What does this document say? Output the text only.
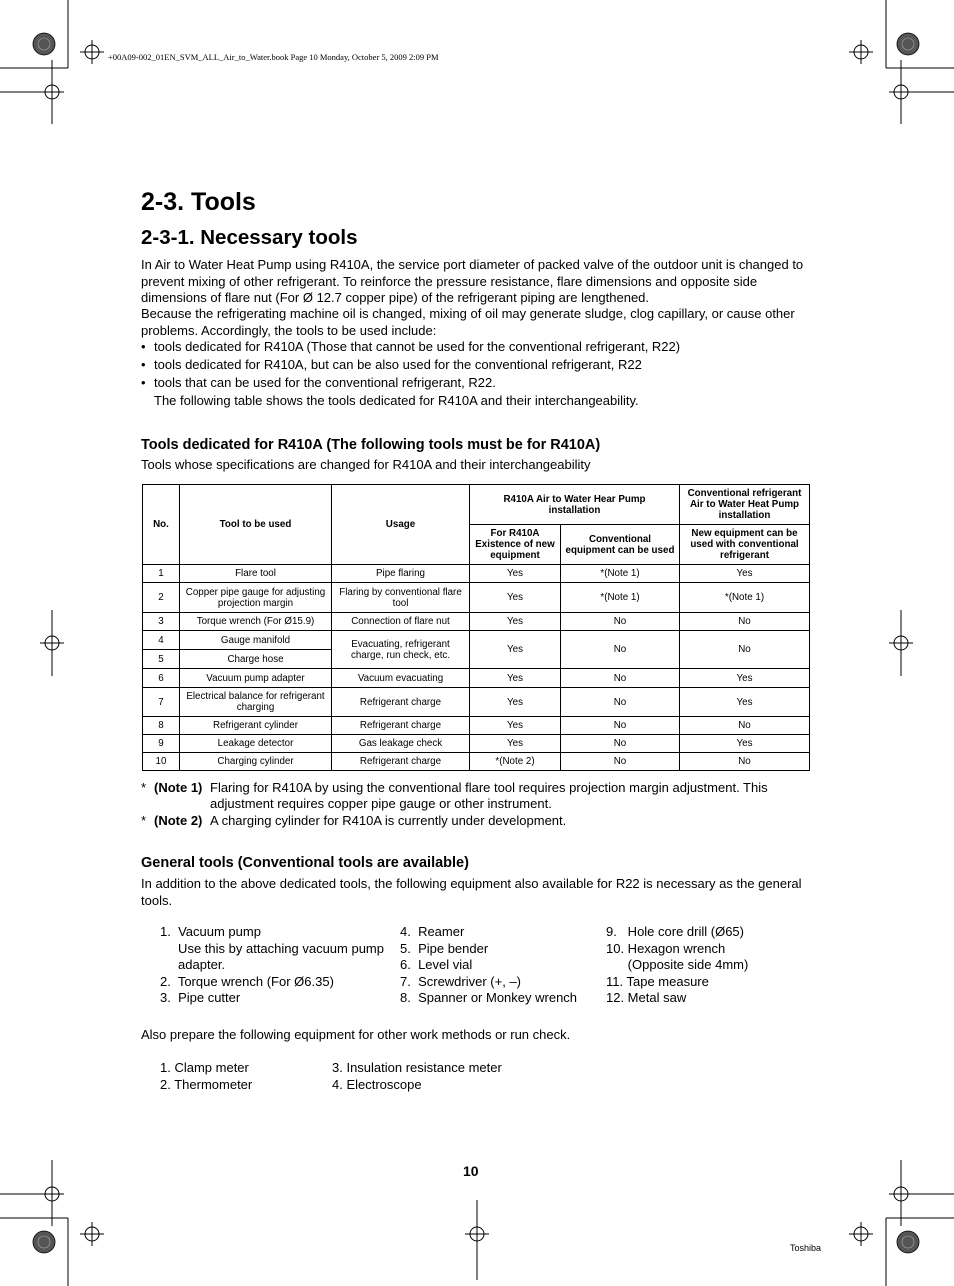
+00A09-002_01EN_SVM_ALL_Air_to_Water.book Page 10 Monday, October 5, 2009 2:09 PM
2-3. Tools
2-3-1. Necessary tools
In Air to Water Heat Pump using R410A, the service port diameter of packed valve of the outdoor unit is changed to prevent mixing of other refrigerant. To reinforce the pressure resistance, flare dimensions and opposite side dimensions of flare nut (For Ø 12.7 copper pipe) of the refrigerant piping are lengthened.
Because the refrigerating machine oil is changed, mixing of oil may generate sludge, clog capillary, or cause other problems. Accordingly, the tools to be used include:
• tools dedicated for R410A (Those that cannot be used for the conventional refrigerant, R22)
• tools dedicated for R410A, but can be also used for the conventional refrigerant, R22
• tools that can be used for the conventional refrigerant, R22.
The following table shows the tools dedicated for R410A and their interchangeability.
Tools dedicated for R410A (The following tools must be for R410A)
Tools whose specifications are changed for R410A and their interchangeability
No.	Tool to be used	Usage	R410A Air to Water Hear Pump installation		Conventional refrigerant Air to Water Heat Pump installation
			For R410A Existence of new equipment	Conventional equipment can be used	New equipment can be used with conventional refrigerant
1	Flare tool	Pipe flaring	Yes	*(Note 1)	Yes
2	Copper pipe gauge for adjusting projection margin	Flaring by conventional flare tool	Yes	*(Note 1)	*(Note 1)
3	Torque wrench (For Ø15.9)	Connection of flare nut	Yes	No	No
4	Gauge manifold	Evacuating, refrigerant charge, run check, etc.	Yes	No	No
5	Charge hose				
6	Vacuum pump adapter	Vacuum evacuating	Yes	No	Yes
7	Electrical balance for refrigerant charging	Refrigerant charge	Yes	No	Yes
8	Refrigerant cylinder	Refrigerant charge	Yes	No	No
9	Leakage detector	Gas leakage check	Yes	No	Yes
10	Charging cylinder	Refrigerant charge	*(Note 2)	No	No
* (Note 1) Flaring for R410A by using the conventional flare tool requires projection margin adjustment. This adjustment requires copper pipe gauge or other instrument.
* (Note 2) A charging cylinder for R410A is currently under development.
General tools (Conventional tools are available)
In addition to the above dedicated tools, the following equipment also available for R22 is necessary as the general tools.
1.  Vacuum pump
Use this by attaching vacuum pump
adapter.
2.  Torque wrench (For Ø6.35)
3.  Pipe cutter
4.  Reamer
5.  Pipe bender
6.  Level vial
7.  Screwdriver (+, –)
8.  Spanner or Monkey wrench
9.   Hole core drill (Ø65)
10. Hexagon wrench
(Opposite side 4mm)
11. Tape measure
12. Metal saw
Also prepare the following equipment for other work methods or run check.
1. Clamp meter
2. Thermometer
3. Insulation resistance meter
4. Electroscope
10
Toshiba
